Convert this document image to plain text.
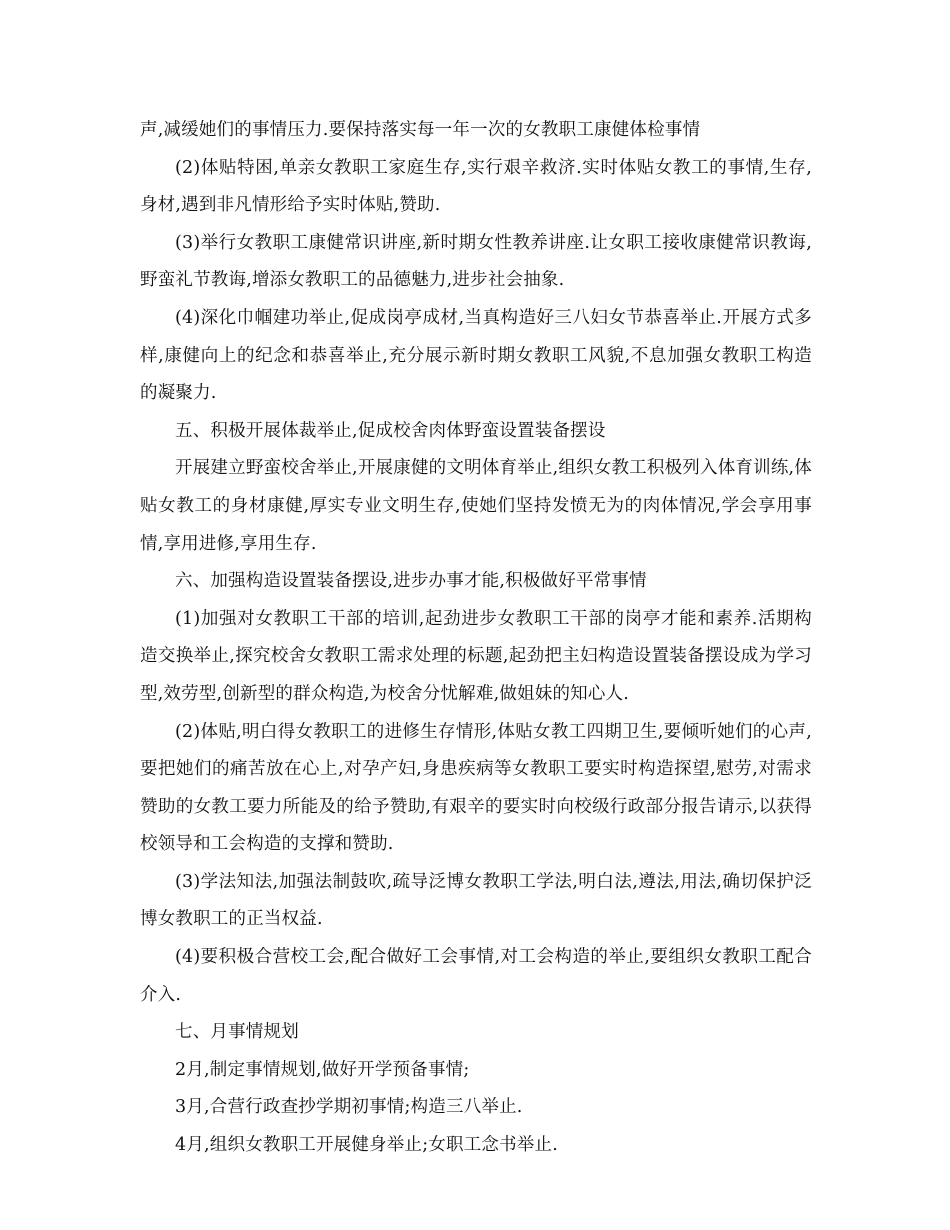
声,减缓她们的事情压力.要保持落实每一年一次的女教职工康健体检事情

(2)体贴特困,单亲女教职工家庭生存,实行艰辛救济.实时体贴女教工的事情,生存,身材,遇到非凡情形给予实时体贴,赞助.

(3)举行女教职工康健常识讲座,新时期女性教养讲座.让女职工接收康健常识教诲,野蛮礼节教诲,增添女教职工的品德魅力,进步社会抽象.

(4)深化巾帼建功举止,促成岗亭成材,当真构造好三八妇女节恭喜举止.开展方式多样,康健向上的纪念和恭喜举止,充分展示新时期女教职工风貌,不息加强女教职工构造的凝聚力.

五、积极开展体裁举止,促成校舍肉体野蛮设置装备摆设

开展建立野蛮校舍举止,开展康健的文明体育举止,组织女教工积极列入体育训练,体贴女教工的身材康健,厚实专业文明生存,使她们坚持发愤无为的肉体情况,学会享用事情,享用进修,享用生存.

六、加强构造设置装备摆设,进步办事才能,积极做好平常事情

(1)加强对女教职工干部的培训,起劲进步女教职工干部的岗亭才能和素养.活期构造交换举止,探究校舍女教职工需求处理的标题,起劲把主妇构造设置装备摆设成为学习型,效劳型,创新型的群众构造,为校舍分忧解难,做姐妹的知心人.

(2)体贴,明白得女教职工的进修生存情形,体贴女教工四期卫生,要倾听她们的心声,要把她们的痛苦放在心上,对孕产妇,身患疾病等女教职工要实时构造探望,慰劳,对需求赞助的女教工要力所能及的给予赞助,有艰辛的要实时向校级行政部分报告请示,以获得校领导和工会构造的支撑和赞助.

(3)学法知法,加强法制鼓吹,疏导泛博女教职工学法,明白法,遵法,用法,确切保护泛博女教职工的正当权益.

(4)要积极合营校工会,配合做好工会事情,对工会构造的举止,要组织女教职工配合介入.

七、月事情规划

2月,制定事情规划,做好开学预备事情;

3月,合营行政查抄学期初事情;构造三八举止.

4月,组织女教职工开展健身举止;女职工念书举止.
